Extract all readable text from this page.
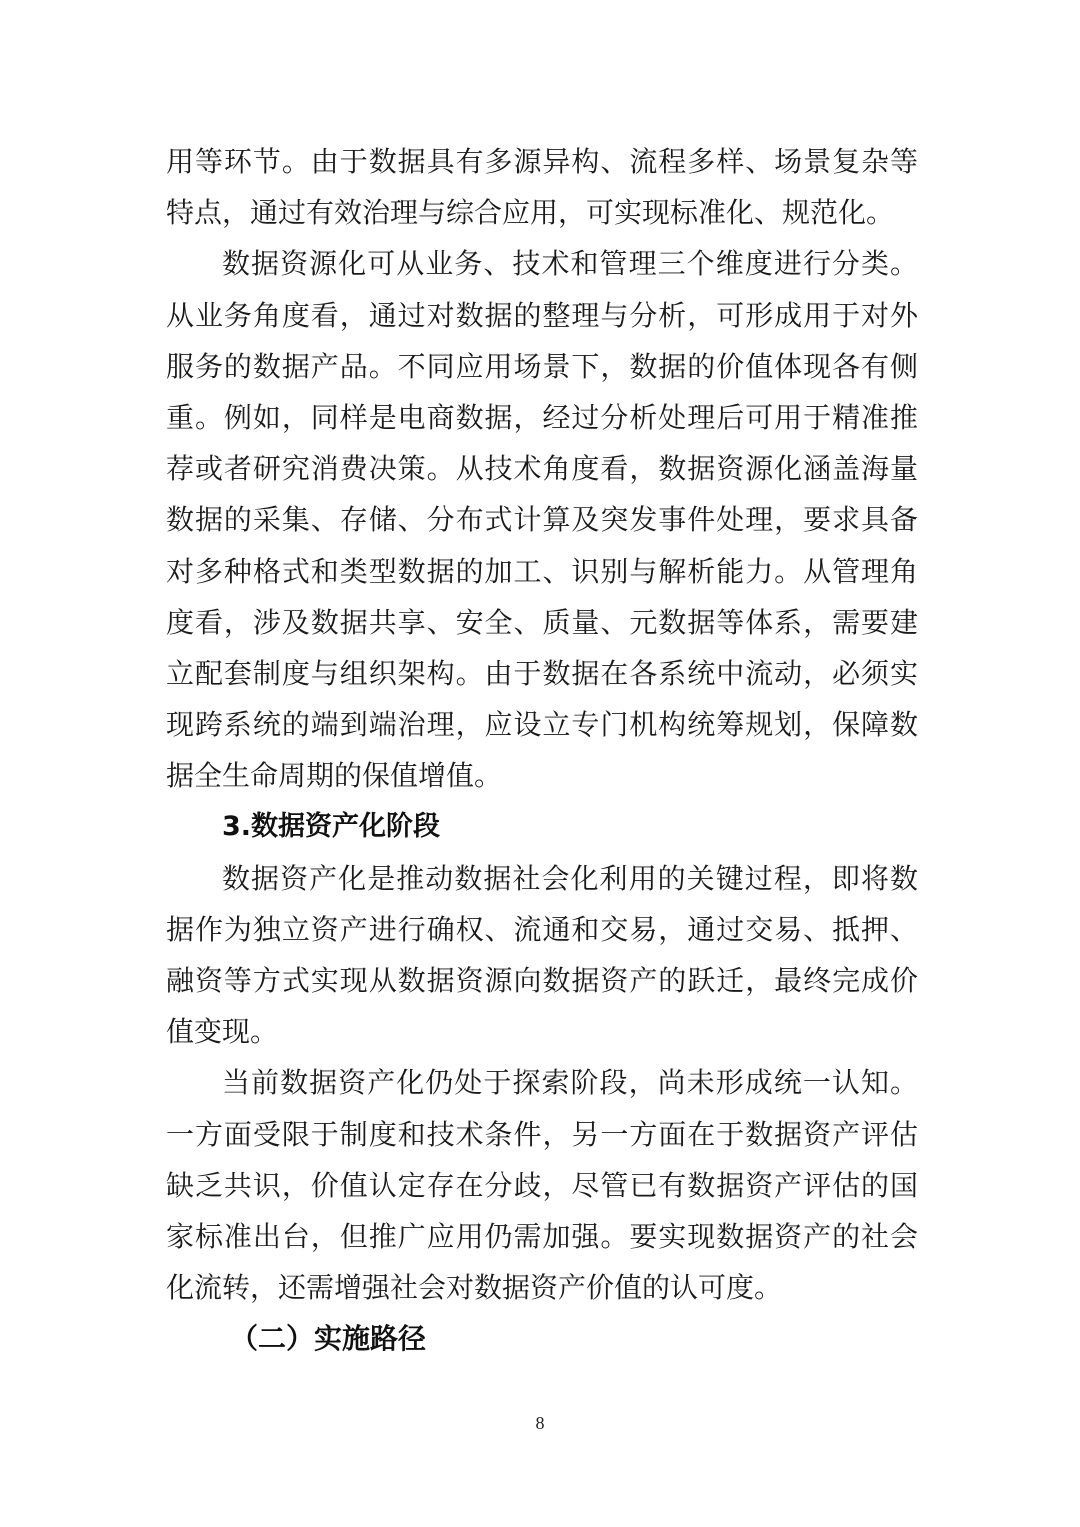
用等环节。由于数据具有多源异构、流程多样、场景复杂等
特点，通过有效治理与综合应用，可实现标准化、规范化。
数据资源化可从业务、技术和管理三个维度进行分类。
从业务角度看，通过对数据的整理与分析，可形成用于对外
服务的数据产品。不同应用场景下，数据的价值体现各有侧
重。例如，同样是电商数据，经过分析处理后可用于精准推
荐或者研究消费决策。从技术角度看，数据资源化涵盖海量
数据的采集、存储、分布式计算及突发事件处理，要求具备
对多种格式和类型数据的加工、识别与解析能力。从管理角
度看，涉及数据共享、安全、质量、元数据等体系，需要建
立配套制度与组织架构。由于数据在各系统中流动，必须实
现跨系统的端到端治理，应设立专门机构统筹规划，保障数
据全生命周期的保值增值。
3.数据资产化阶段
数据资产化是推动数据社会化利用的关键过程，即将数
据作为独立资产进行确权、流通和交易，通过交易、抵押、
融资等方式实现从数据资源向数据资产的跃迁，最终完成价
值变现。
当前数据资产化仍处于探索阶段，尚未形成统一认知。
一方面受限于制度和技术条件，另一方面在于数据资产评估
缺乏共识，价值认定存在分歧，尽管已有数据资产评估的国
家标准出台，但推广应用仍需加强。要实现数据资产的社会
化流转，还需增强社会对数据资产价值的认可度。
（二）实施路径
8
